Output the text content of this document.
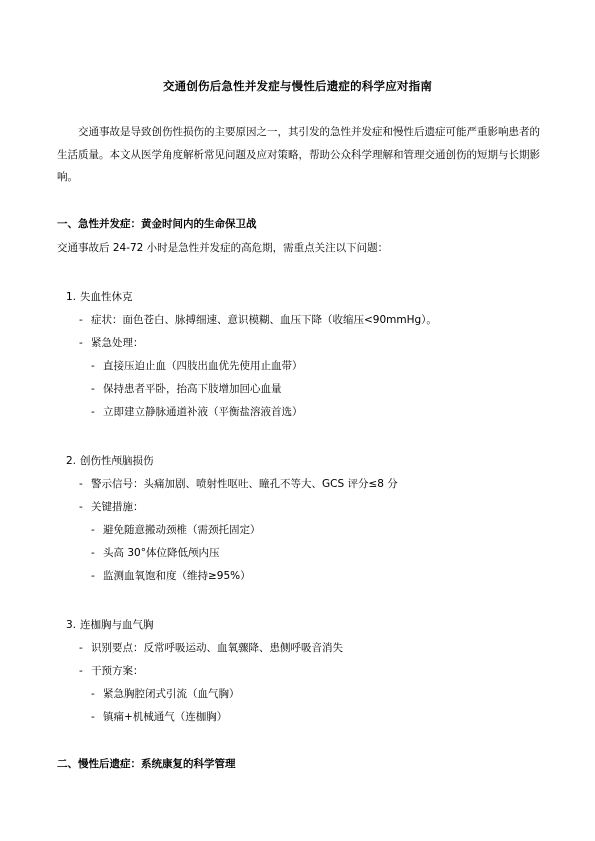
交通创伤后急性并发症与慢性后遗症的科学应对指南

交通事故是导致创伤性损伤的主要原因之一，其引发的急性并发症和慢性后遗症可能严重影响患者的生活质量。本文从医学角度解析常见问题及应对策略，帮助公众科学理解和管理交通创伤的短期与长期影响。

一、急性并发症：黄金时间内的生命保卫战
交通事故后 24-72 小时是急性并发症的高危期，需重点关注以下问题：
1. 失血性休克
- 症状：面色苍白、脉搏细速、意识模糊、血压下降（收缩压<90mmHg）。
- 紧急处理：
- 直接压迫止血（四肢出血优先使用止血带）
- 保持患者平卧，抬高下肢增加回心血量
- 立即建立静脉通道补液（平衡盐溶液首选）
2. 创伤性颅脑损伤
- 警示信号：头痛加剧、喷射性呕吐、瞳孔不等大、GCS 评分≤8 分
- 关键措施：
- 避免随意搬动颈椎（需颈托固定）
- 头高 30°体位降低颅内压
- 监测血氧饱和度（维持≥95%）
3. 连枷胸与血气胸
- 识别要点：反常呼吸运动、血氧骤降、患侧呼吸音消失
- 干预方案：
- 紧急胸腔闭式引流（血气胸）
- 镇痛+机械通气（连枷胸）
二、慢性后遗症：系统康复的科学管理
